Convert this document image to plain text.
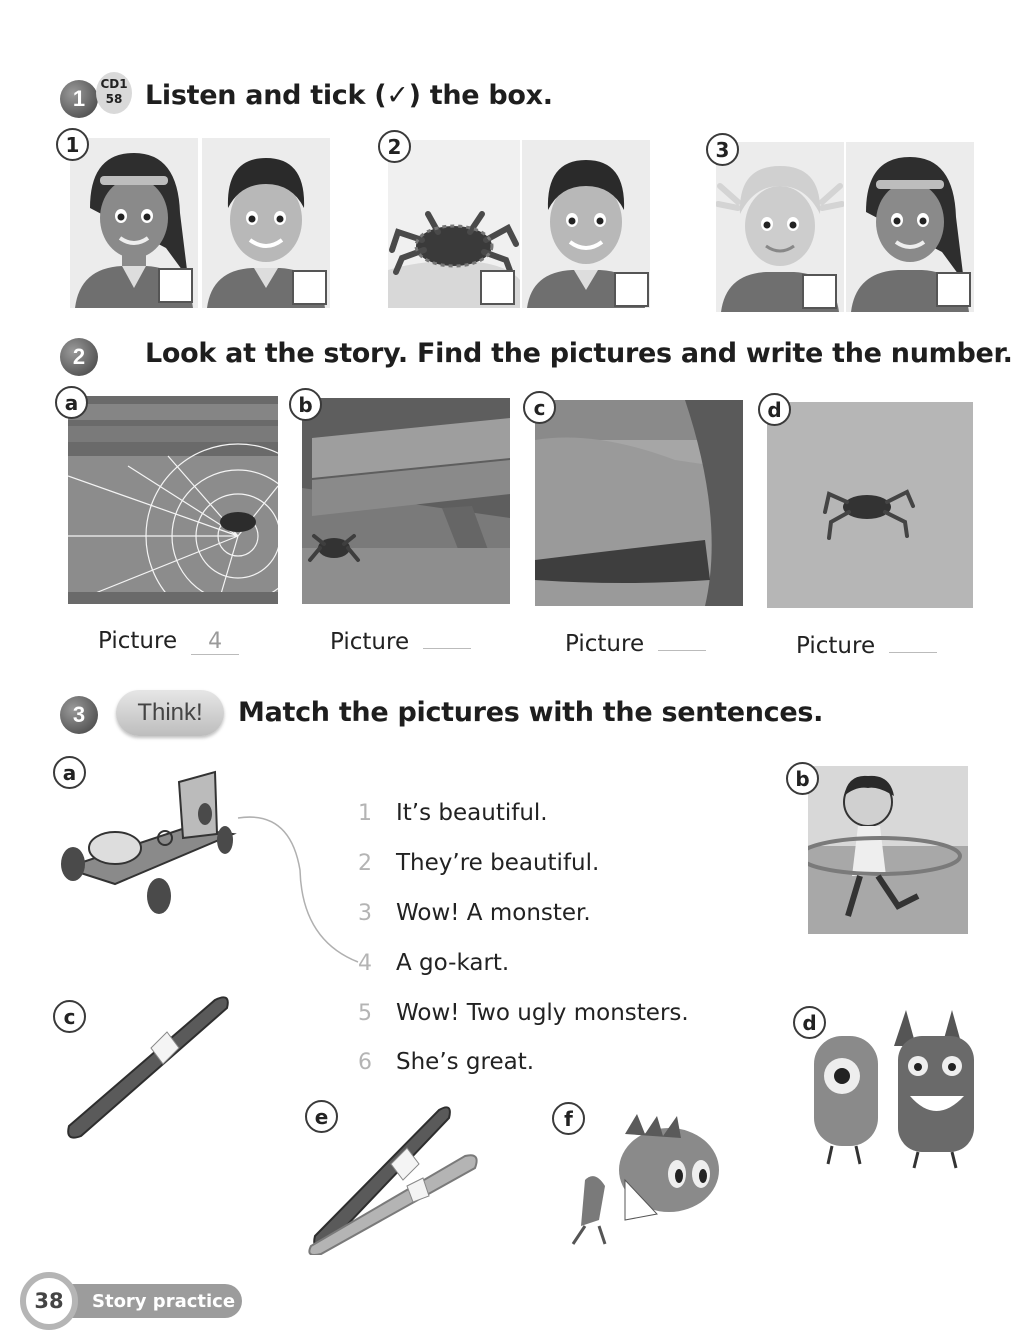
1
CD1
58 Listen and tick (✓) the box.
1	2	3
2	Look at the story. Find the pictures and write the number.
a
Picture 4
b
Picture
c
Picture
d
Picture
3	Think!	Match the pictures with the sentences.
a
1 It’s beautiful.
2 They’re beautiful.
3 Wow! A monster.
4 A go-kart.
5 Wow! Two ugly monsters.
6 She’s great.
b
c	d
e	f
Story practice
38
